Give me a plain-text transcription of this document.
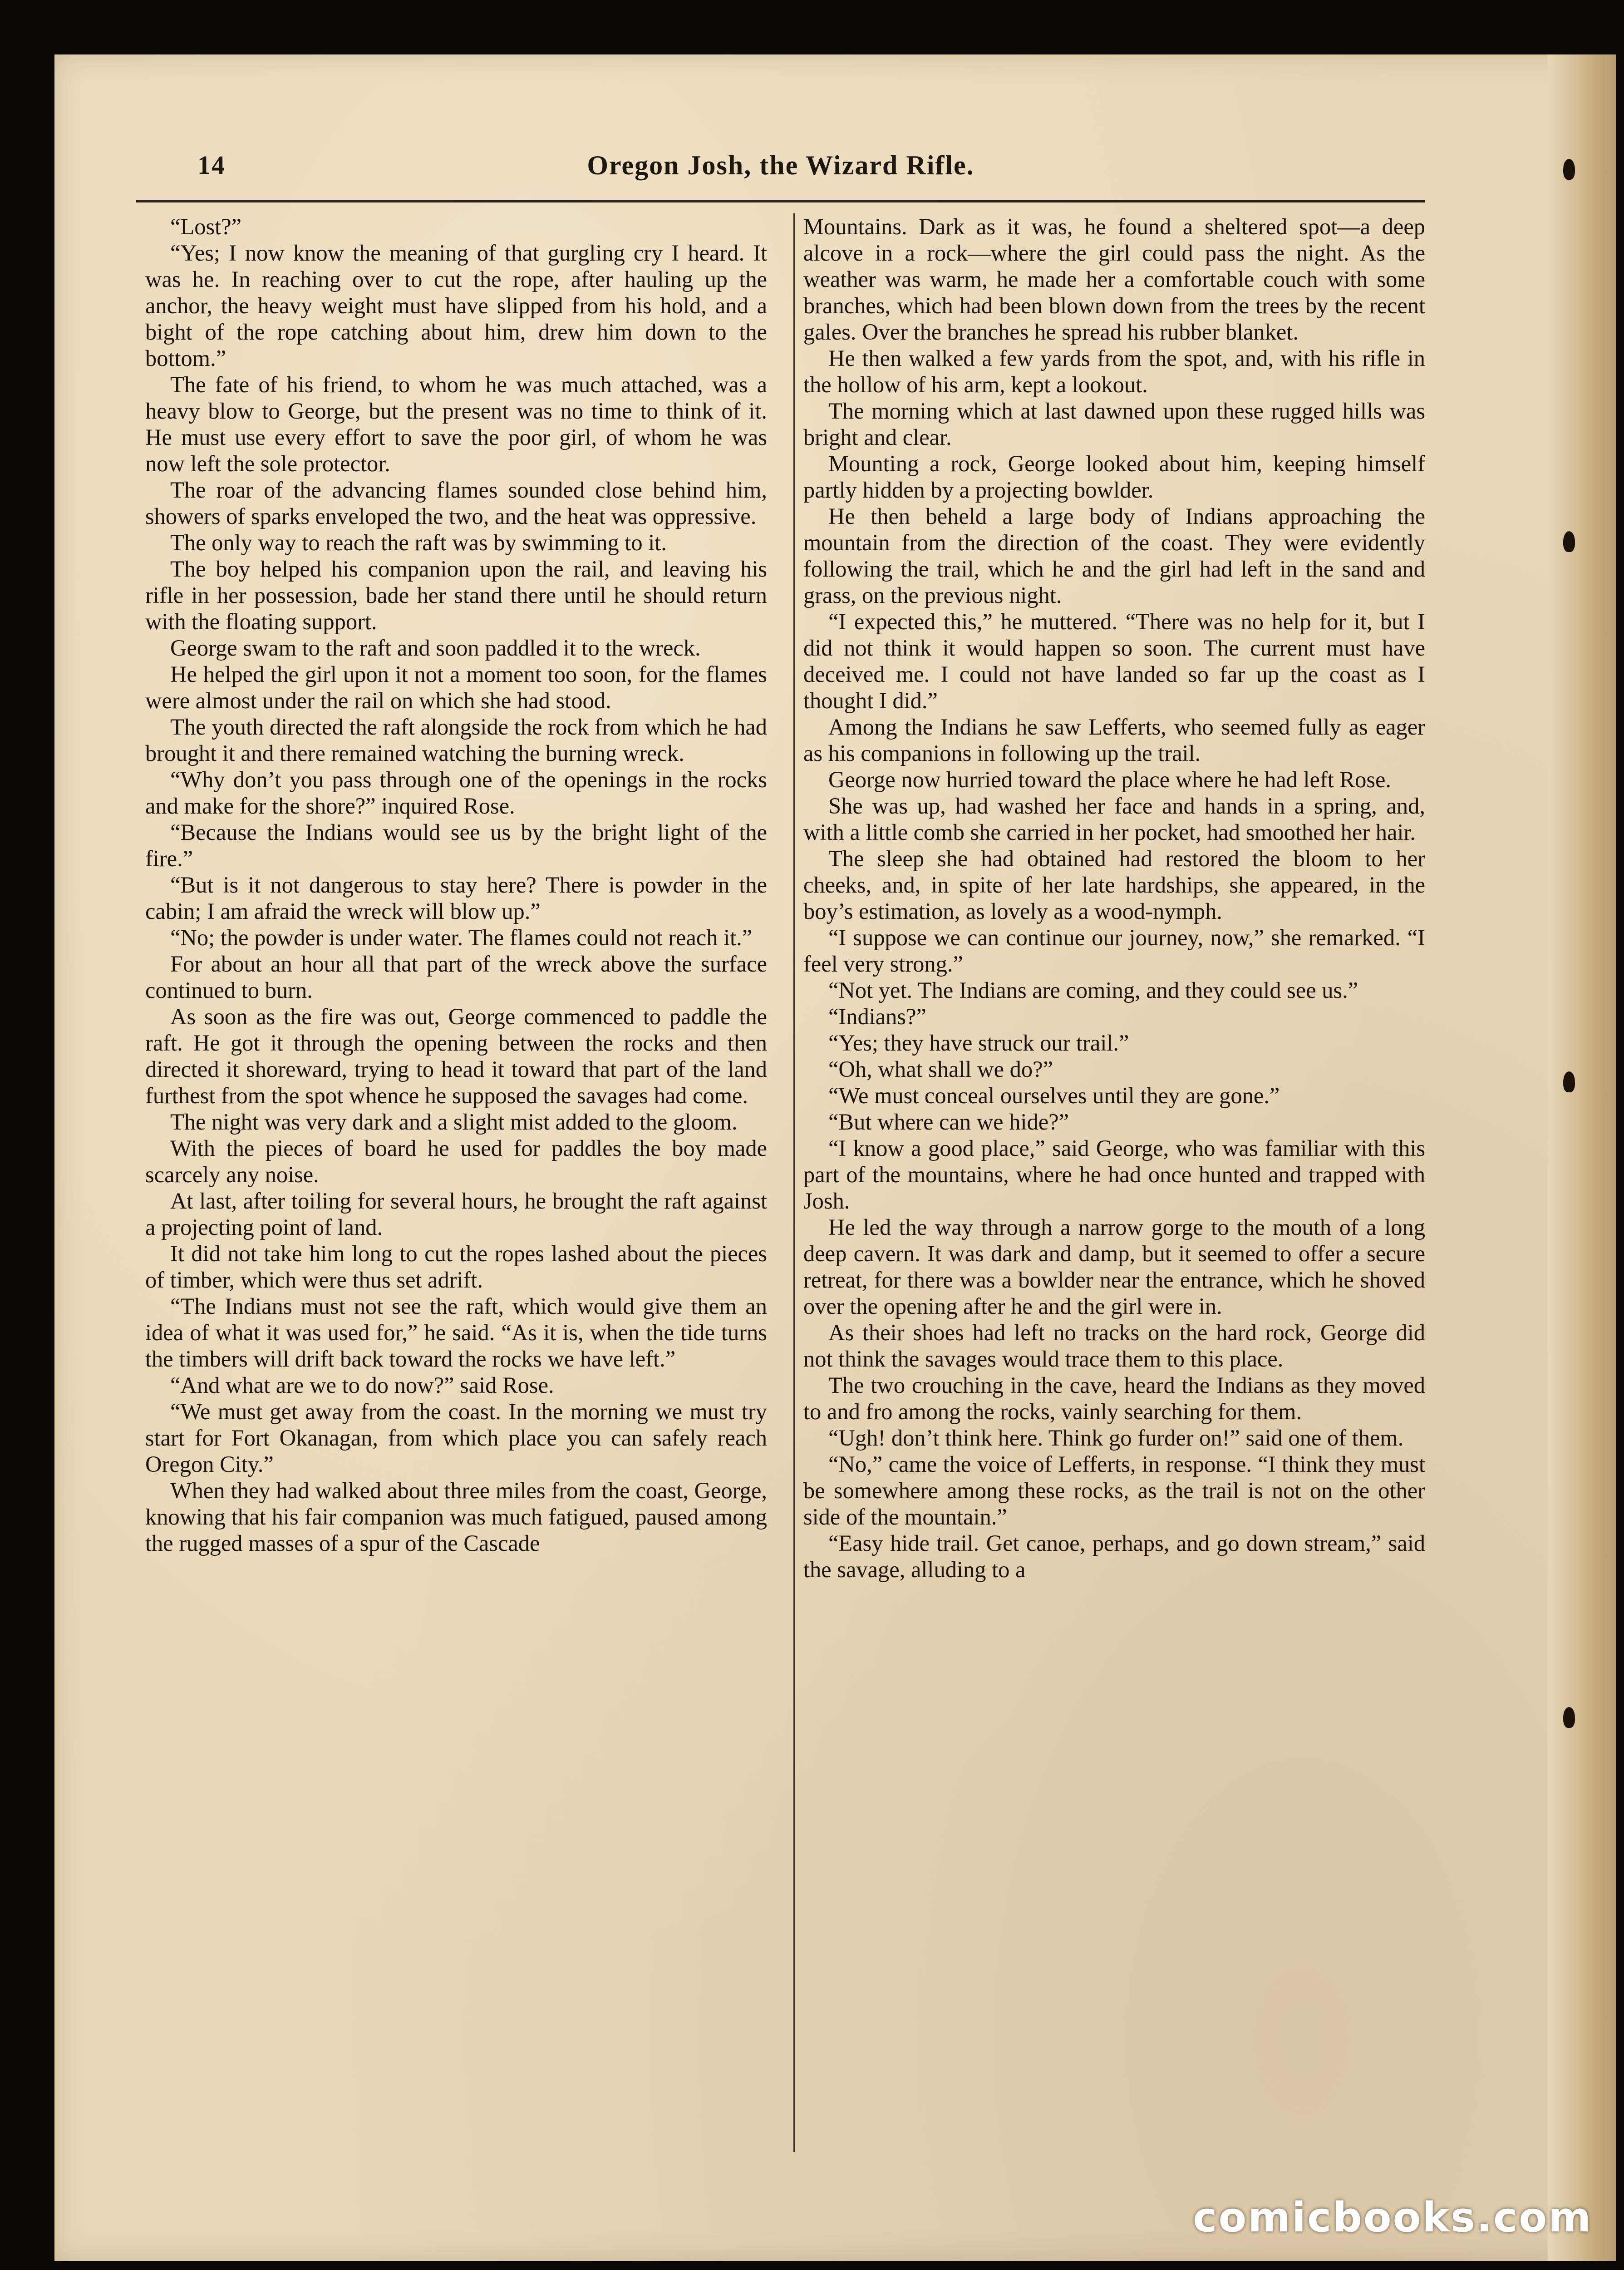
14	Oregon Josh, the Wizard Rifle.

“Lost?”

“Yes; I now know the meaning of that gurgling cry I heard. It was he. In reaching over to cut the rope, after hauling up the anchor, the heavy weight must have slipped from his hold, and a bight of the rope catching about him, drew him down to the bottom.”

The fate of his friend, to whom he was much attached, was a heavy blow to George, but the present was no time to think of it. He must use every effort to save the poor girl, of whom he was now left the sole protector.

The roar of the advancing flames sounded close behind him, showers of sparks enveloped the two, and the heat was oppressive.

The only way to reach the raft was by swimming to it.

The boy helped his companion upon the rail, and leaving his rifle in her possession, bade her stand there until he should return with the floating support.

George swam to the raft and soon paddled it to the wreck.

He helped the girl upon it not a moment too soon, for the flames were almost under the rail on which she had stood.

The youth directed the raft alongside the rock from which he had brought it and there remained watching the burning wreck.

“Why don’t you pass through one of the openings in the rocks and make for the shore?” inquired Rose.

“Because the Indians would see us by the bright light of the fire.”

“But is it not dangerous to stay here? There is powder in the cabin; I am afraid the wreck will blow up.”

“No; the powder is under water. The flames could not reach it.”

For about an hour all that part of the wreck above the surface continued to burn.

As soon as the fire was out, George commenced to paddle the raft. He got it through the opening between the rocks and then directed it shoreward, trying to head it toward that part of the land furthest from the spot whence he supposed the savages had come.

The night was very dark and a slight mist added to the gloom.

With the pieces of board he used for paddles the boy made scarcely any noise.

At last, after toiling for several hours, he brought the raft against a projecting point of land.

It did not take him long to cut the ropes lashed about the pieces of timber, which were thus set adrift.

“The Indians must not see the raft, which would give them an idea of what it was used for,” he said. “As it is, when the tide turns the timbers will drift back toward the rocks we have left.”

“And what are we to do now?” said Rose.

“We must get away from the coast. In the morning we must try start for Fort Okanagan, from which place you can safely reach Oregon City.”

When they had walked about three miles from the coast, George, knowing that his fair companion was much fatigued, paused among the rugged masses of a spur of the Cascade

Mountains. Dark as it was, he found a sheltered spot—a deep alcove in a rock—where the girl could pass the night. As the weather was warm, he made her a comfortable couch with some branches, which had been blown down from the trees by the recent gales. Over the branches he spread his rubber blanket.

He then walked a few yards from the spot, and, with his rifle in the hollow of his arm, kept a lookout.

The morning which at last dawned upon these rugged hills was bright and clear.

Mounting a rock, George looked about him, keeping himself partly hidden by a projecting bowlder.

He then beheld a large body of Indians approaching the mountain from the direction of the coast. They were evidently following the trail, which he and the girl had left in the sand and grass, on the previous night.

“I expected this,” he muttered. “There was no help for it, but I did not think it would happen so soon. The current must have deceived me. I could not have landed so far up the coast as I thought I did.”

Among the Indians he saw Lefferts, who seemed fully as eager as his companions in following up the trail.

George now hurried toward the place where he had left Rose.

She was up, had washed her face and hands in a spring, and, with a little comb she carried in her pocket, had smoothed her hair.

The sleep she had obtained had restored the bloom to her cheeks, and, in spite of her late hardships, she appeared, in the boy’s estimation, as lovely as a wood-nymph.

“I suppose we can continue our journey, now,” she remarked. “I feel very strong.”

“Not yet. The Indians are coming, and they could see us.”

“Indians?”

“Yes; they have struck our trail.”

“Oh, what shall we do?”

“We must conceal ourselves until they are gone.”

“But where can we hide?”

“I know a good place,” said George, who was familiar with this part of the mountains, where he had once hunted and trapped with Josh.

He led the way through a narrow gorge to the mouth of a long deep cavern. It was dark and damp, but it seemed to offer a secure retreat, for there was a bowlder near the entrance, which he shoved over the opening after he and the girl were in.

As their shoes had left no tracks on the hard rock, George did not think the savages would trace them to this place.

The two crouching in the cave, heard the Indians as they moved to and fro among the rocks, vainly searching for them.

“Ugh! don’t think here. Think go furder on!” said one of them.

“No,” came the voice of Lefferts, in response. “I think they must be somewhere among these rocks, as the trail is not on the other side of the mountain.”

“Easy hide trail. Get canoe, perhaps, and go down stream,” said the savage, alluding to a

comicbooks.com
